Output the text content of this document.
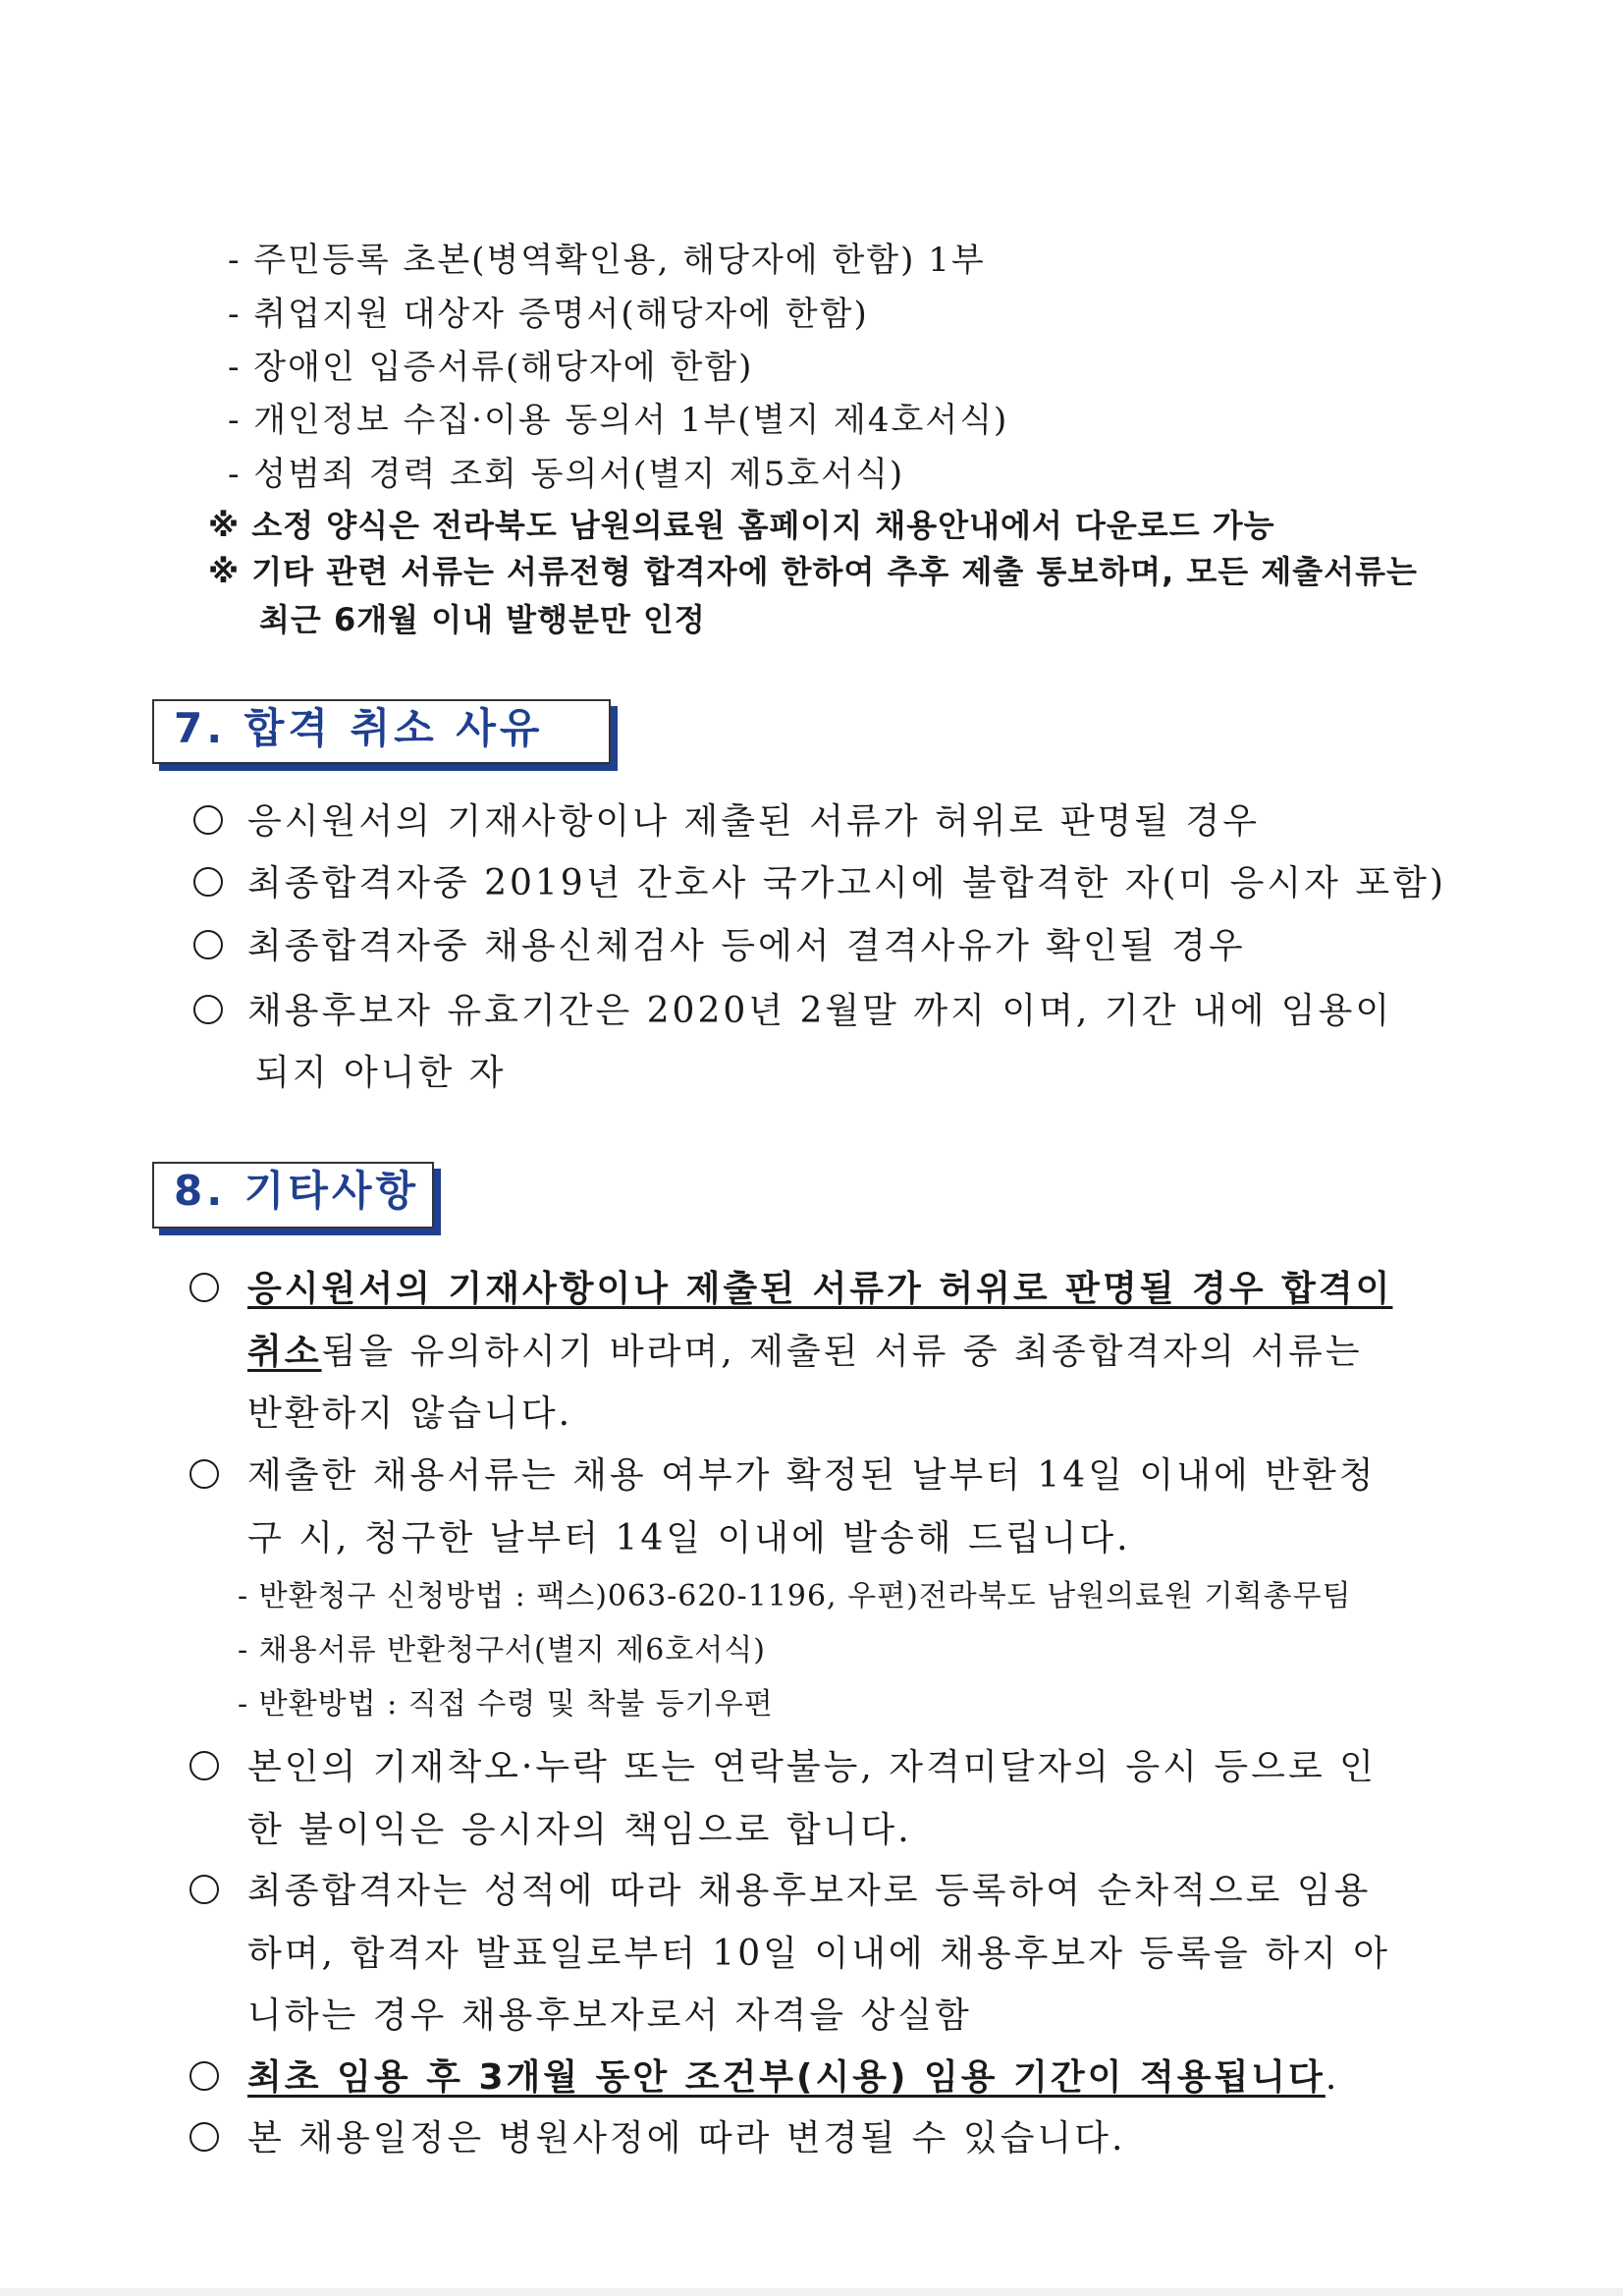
- 주민등록 초본(병역확인용, 해당자에 한함) 1부
- 취업지원 대상자 증명서(해당자에 한함)
- 장애인 입증서류(해당자에 한함)
- 개인정보 수집·이용 동의서 1부(별지 제4호서식)
- 성범죄 경력 조회 동의서(별지 제5호서식)
※ 소정 양식은 전라북도 남원의료원 홈페이지 채용안내에서 다운로드 가능
※ 기타 관련 서류는 서류전형 합격자에 한하여 추후 제출 통보하며, 모든 제출서류는
최근 6개월 이내 발행분만 인정
7. 합격 취소 사유
응시원서의 기재사항이나 제출된 서류가 허위로 판명될 경우
최종합격자중 2019년 간호사 국가고시에 불합격한 자(미 응시자 포함)
최종합격자중 채용신체검사 등에서 결격사유가 확인될 경우
채용후보자 유효기간은 2020년 2월말 까지 이며, 기간 내에 임용이
되지 아니한 자
8. 기타사항
응시원서의 기재사항이나 제출된 서류가 허위로 판명될 경우 합격이
취소됨을 유의하시기 바라며, 제출된 서류 중 최종합격자의 서류는
반환하지 않습니다.
제출한 채용서류는 채용 여부가 확정된 날부터 14일 이내에 반환청
구 시, 청구한 날부터 14일 이내에 발송해 드립니다.
- 반환청구 신청방법 : 팩스)063-620-1196, 우편)전라북도 남원의료원 기획총무팀
- 채용서류 반환청구서(별지 제6호서식)
- 반환방법 : 직접 수령 및 착불 등기우편
본인의 기재착오·누락 또는 연락불능, 자격미달자의 응시 등으로 인
한 불이익은 응시자의 책임으로 합니다.
최종합격자는 성적에 따라 채용후보자로 등록하여 순차적으로 임용
하며, 합격자 발표일로부터 10일 이내에 채용후보자 등록을 하지 아
니하는 경우 채용후보자로서 자격을 상실함
최초 임용 후 3개월 동안 조건부(시용) 임용 기간이 적용됩니다.
본 채용일정은 병원사정에 따라 변경될 수 있습니다.
